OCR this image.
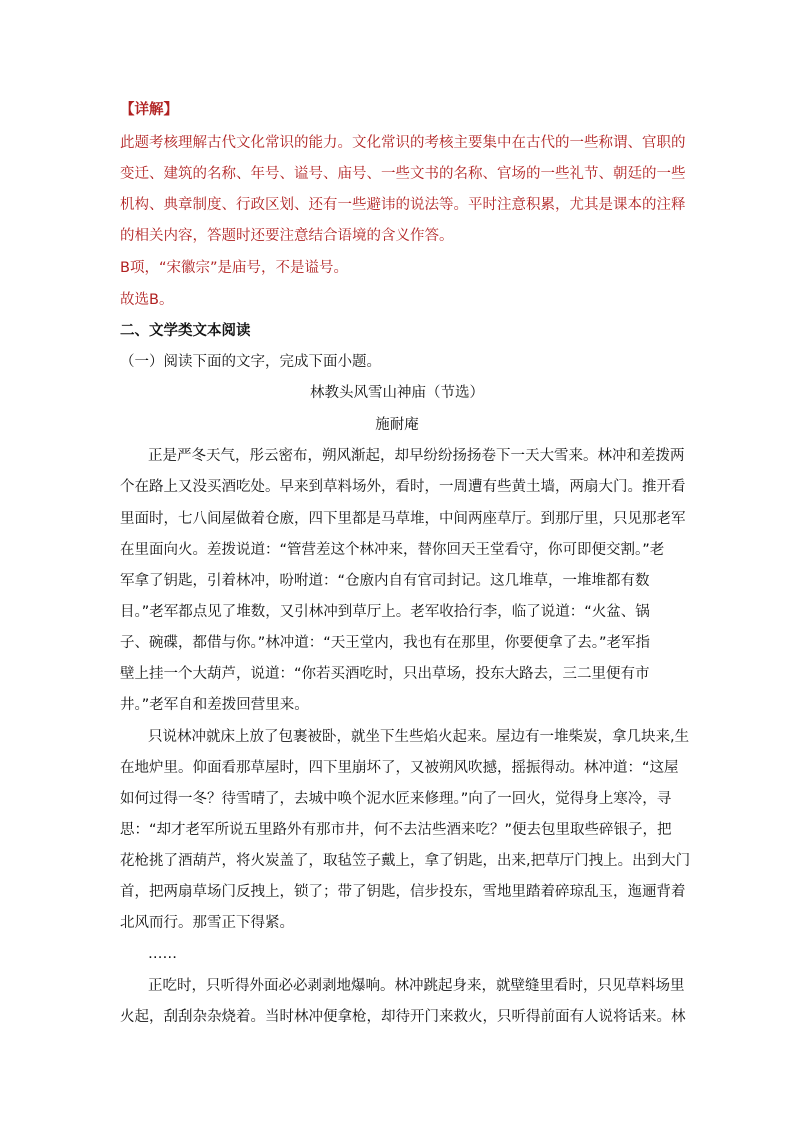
【详解】
此题考核理解古代文化常识的能力。文化常识的考核主要集中在古代的一些称谓、官职的
变迁、建筑的名称、年号、谥号、庙号、一些文书的名称、官场的一些礼节、朝廷的一些
机构、典章制度、行政区划、还有一些避讳的说法等。平时注意积累，尤其是课本的注释
的相关内容，答题时还要注意结合语境的含义作答。
B项，“宋徽宗”是庙号，不是谥号。
故选B。
二、文学类文本阅读
（一）阅读下面的文字，完成下面小题。
林教头风雪山神庙（节选）
施耐庵
正是严冬天气，彤云密布，朔风渐起，却早纷纷扬扬卷下一天大雪来。林冲和差拨两
个在路上又没买酒吃处。早来到草料场外，看时，一周遭有些黄土墙，两扇大门。推开看
里面时，七八间屋做着仓廒，四下里都是马草堆，中间两座草厅。到那厅里，只见那老军
在里面向火。差拨说道：“管营差这个林冲来，替你回天王堂看守，你可即便交割。”老
军拿了钥匙，引着林冲，吩咐道：“仓廒内自有官司封记。这几堆草，一堆堆都有数
目。”老军都点见了堆数，又引林冲到草厅上。老军收拾行李，临了说道：“火盆、锅
子、碗碟，都借与你。”林冲道：“天王堂内，我也有在那里，你要便拿了去。”老军指
壁上挂一个大葫芦，说道：“你若买酒吃时，只出草场，投东大路去，三二里便有市
井。”老军自和差拨回营里来。
只说林冲就床上放了包裹被卧，就坐下生些焰火起来。屋边有一堆柴炭，拿几块来,生
在地炉里。仰面看那草屋时，四下里崩坏了，又被朔风吹撼，摇振得动。林冲道：“这屋
如何过得一冬？待雪晴了，去城中唤个泥水匠来修理。”向了一回火，觉得身上寒冷，寻
思：“却才老军所说五里路外有那市井，何不去沽些酒来吃？”便去包里取些碎银子，把
花枪挑了酒葫芦，将火炭盖了，取毡笠子戴上，拿了钥匙，出来,把草厅门拽上。出到大门
首，把两扇草场门反拽上，锁了；带了钥匙，信步投东，雪地里踏着碎琼乱玉，迤逦背着
北风而行。那雪正下得紧。
……
正吃时，只听得外面必必剥剥地爆响。林冲跳起身来，就壁缝里看时，只见草料场里
火起，刮刮杂杂烧着。当时林冲便拿枪，却待开门来救火，只听得前面有人说将话来。林
